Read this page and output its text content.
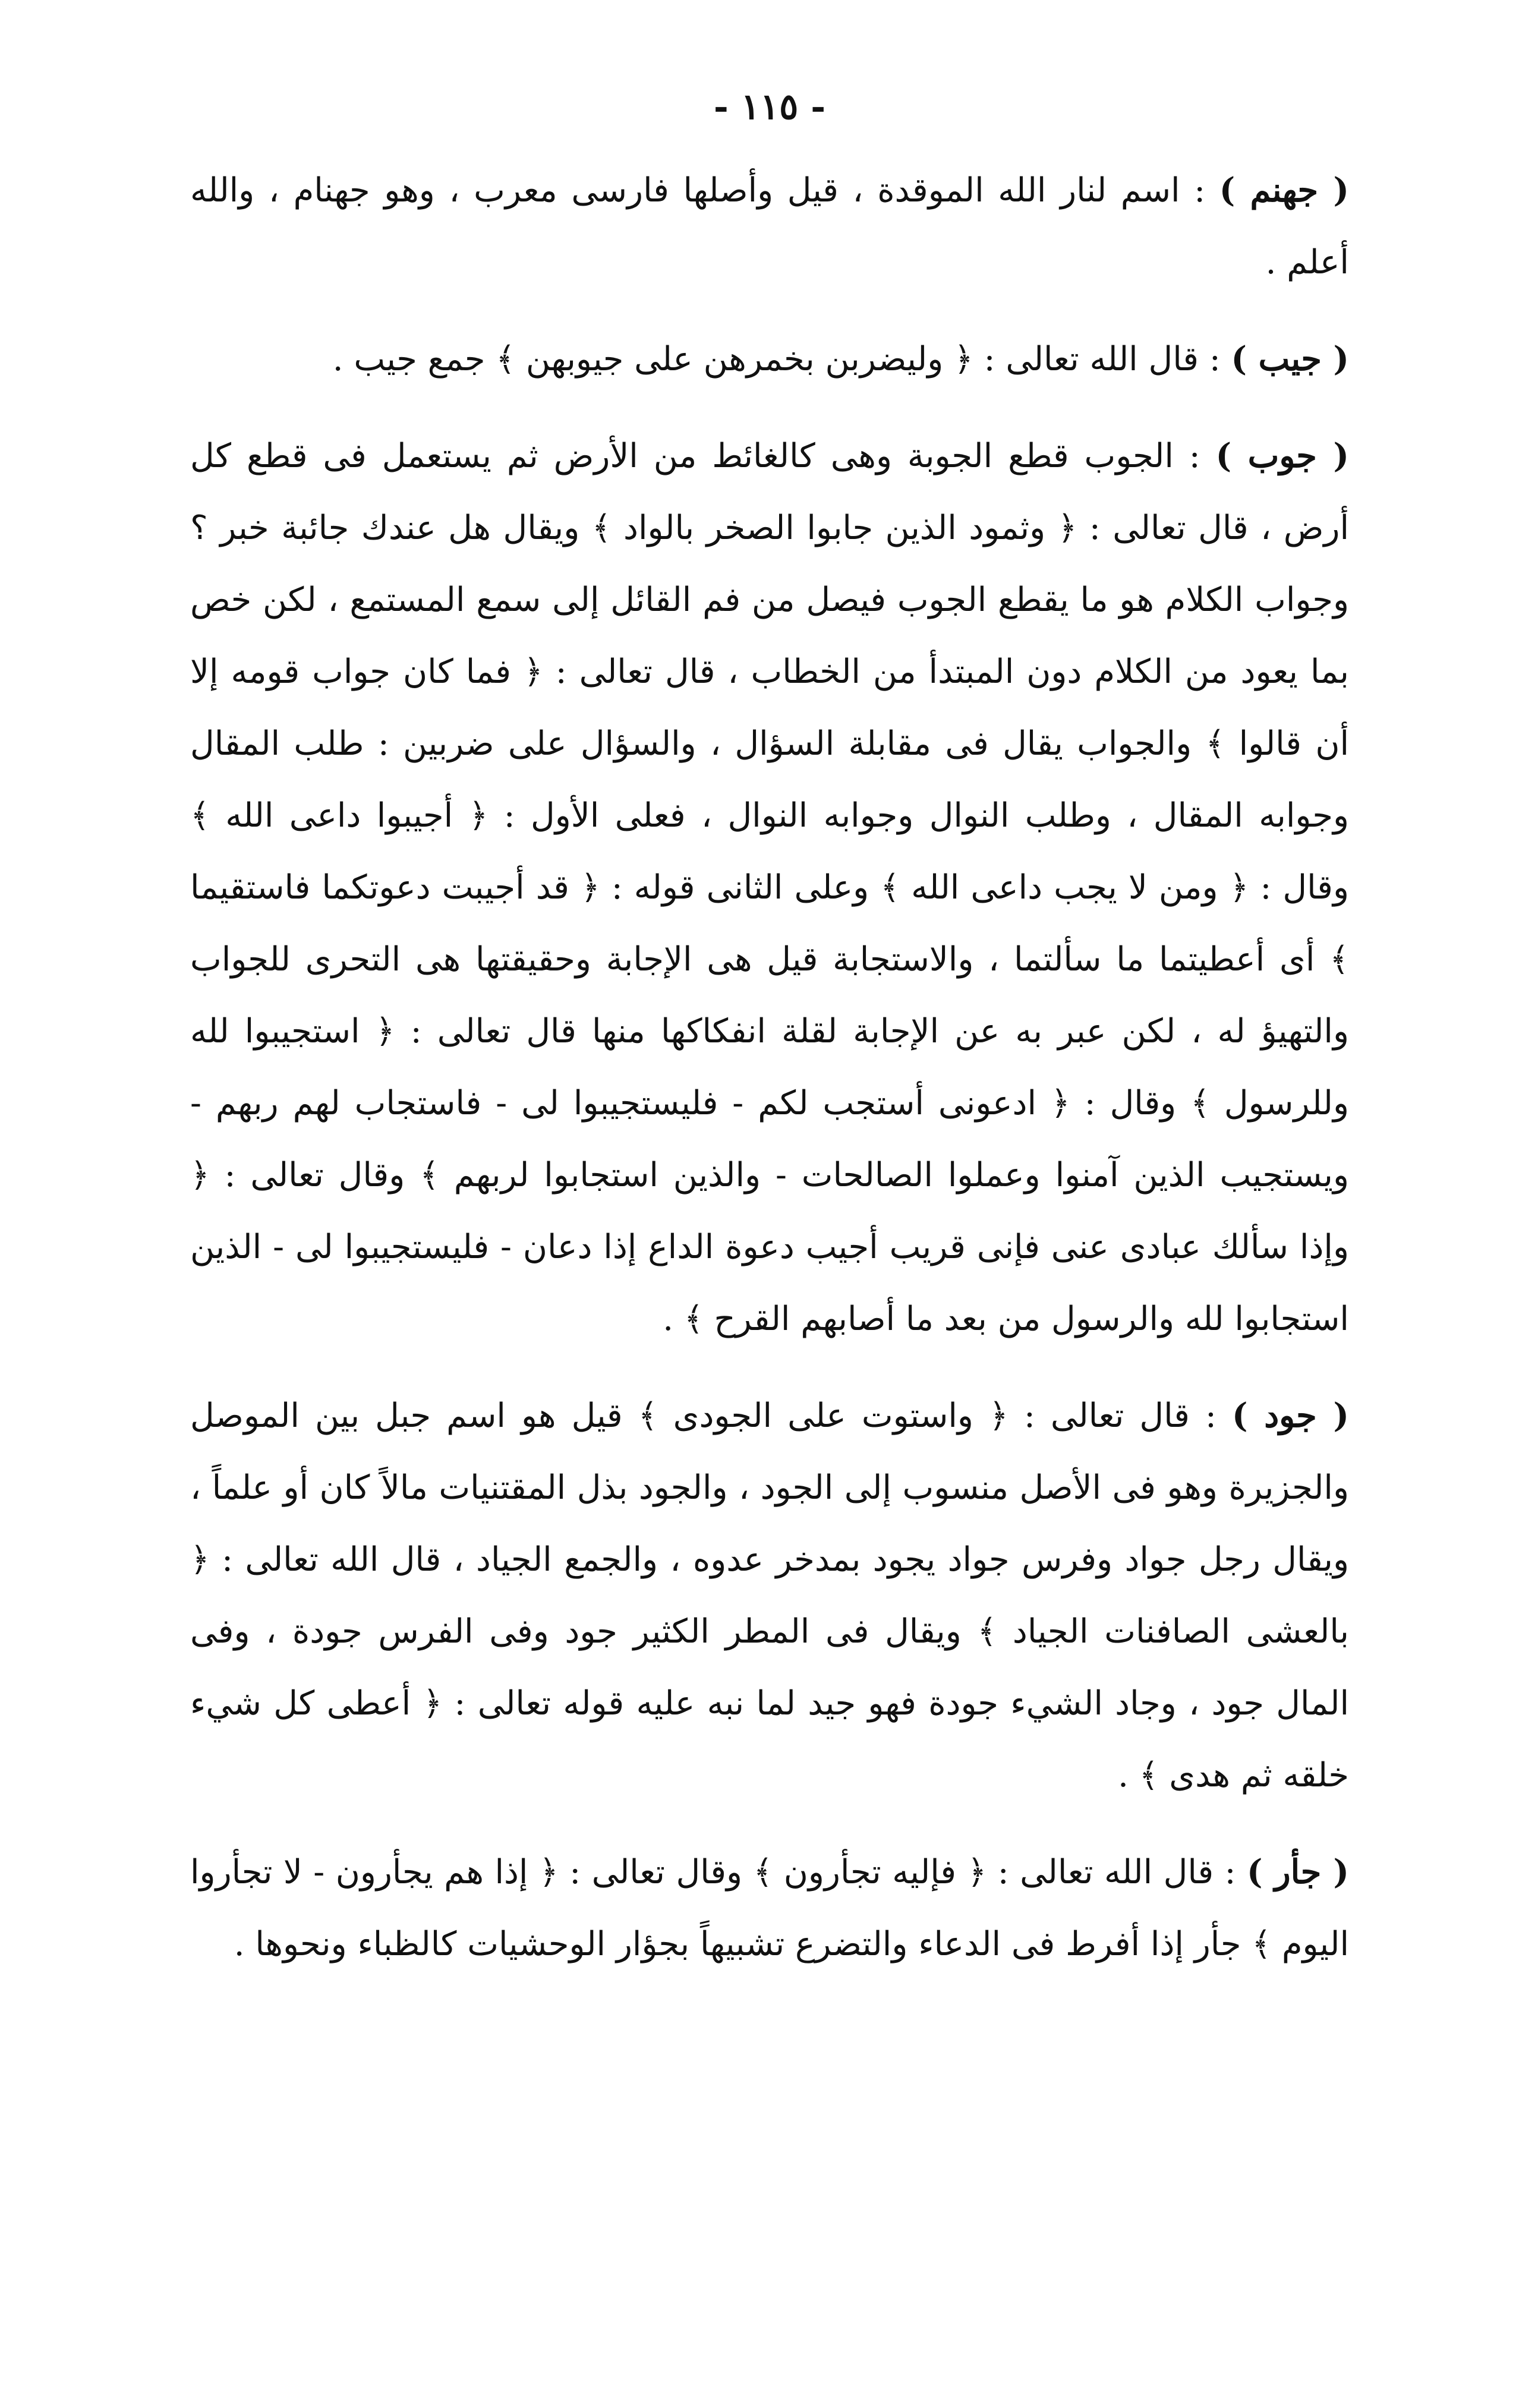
- ١١٥ -

( جهنم ) : اسم لنار الله الموقدة ، قيل وأصلها فارسى معرب ، وهو جهنام ، والله أعلم .

( جيب ) : قال الله تعالى : ﴿ وليضربن بخمرهن على جيوبهن ﴾ جمع جيب .

( جوب ) : الجوب قطع الجوبة وهى كالغائط من الأرض ثم يستعمل فى قطع كل أرض ، قال تعالى : ﴿ وثمود الذين جابوا الصخر بالواد ﴾ ويقال هل عندك جائبة خبر ؟ وجواب الكلام هو ما يقطع الجوب فيصل من فم القائل إلى سمع المستمع ، لكن خص بما يعود من الكلام دون المبتدأ من الخطاب ، قال تعالى : ﴿ فما كان جواب قومه إلا أن قالوا ﴾ والجواب يقال فى مقابلة السؤال ، والسؤال على ضربين : طلب المقال وجوابه المقال ، وطلب النوال وجوابه النوال ، فعلى الأول : ﴿ أجيبوا داعى الله ﴾ وقال : ﴿ ومن لا يجب داعى الله ﴾ وعلى الثانى قوله : ﴿ قد أجيبت دعوتكما فاستقيما ﴾ أى أعطيتما ما سألتما ، والاستجابة قيل هى الإجابة وحقيقتها هى التحرى للجواب والتهيؤ له ، لكن عبر به عن الإجابة لقلة انفكاكها منها قال تعالى : ﴿ استجيبوا لله وللرسول ﴾ وقال : ﴿ ادعونى أستجب لكم - فليستجيبوا لى - فاستجاب لهم ربهم - ويستجيب الذين آمنوا وعملوا الصالحات - والذين استجابوا لربهم ﴾ وقال تعالى : ﴿ وإذا سألك عبادى عنى فإنى قريب أجيب دعوة الداع إذا دعان - فليستجيبوا لى - الذين استجابوا لله والرسول من بعد ما أصابهم القرح ﴾ .

( جود ) : قال تعالى : ﴿ واستوت على الجودى ﴾ قيل هو اسم جبل بين الموصل والجزيرة وهو فى الأصل منسوب إلى الجود ، والجود بذل المقتنيات مالاً كان أو علماً ، ويقال رجل جواد وفرس جواد يجود بمدخر عدوه ، والجمع الجياد ، قال الله تعالى : ﴿ بالعشى الصافنات الجياد ﴾ ويقال فى المطر الكثير جود وفى الفرس جودة ، وفى المال جود ، وجاد الشيء جودة فهو جيد لما نبه عليه قوله تعالى : ﴿ أعطى كل شيء خلقه ثم هدى ﴾ .

( جأر ) : قال الله تعالى : ﴿ فإليه تجأرون ﴾ وقال تعالى : ﴿ إذا هم يجأرون - لا تجأروا اليوم ﴾ جأر إذا أفرط فى الدعاء والتضرع تشبيهاً بجؤار الوحشيات كالظباء ونحوها .
